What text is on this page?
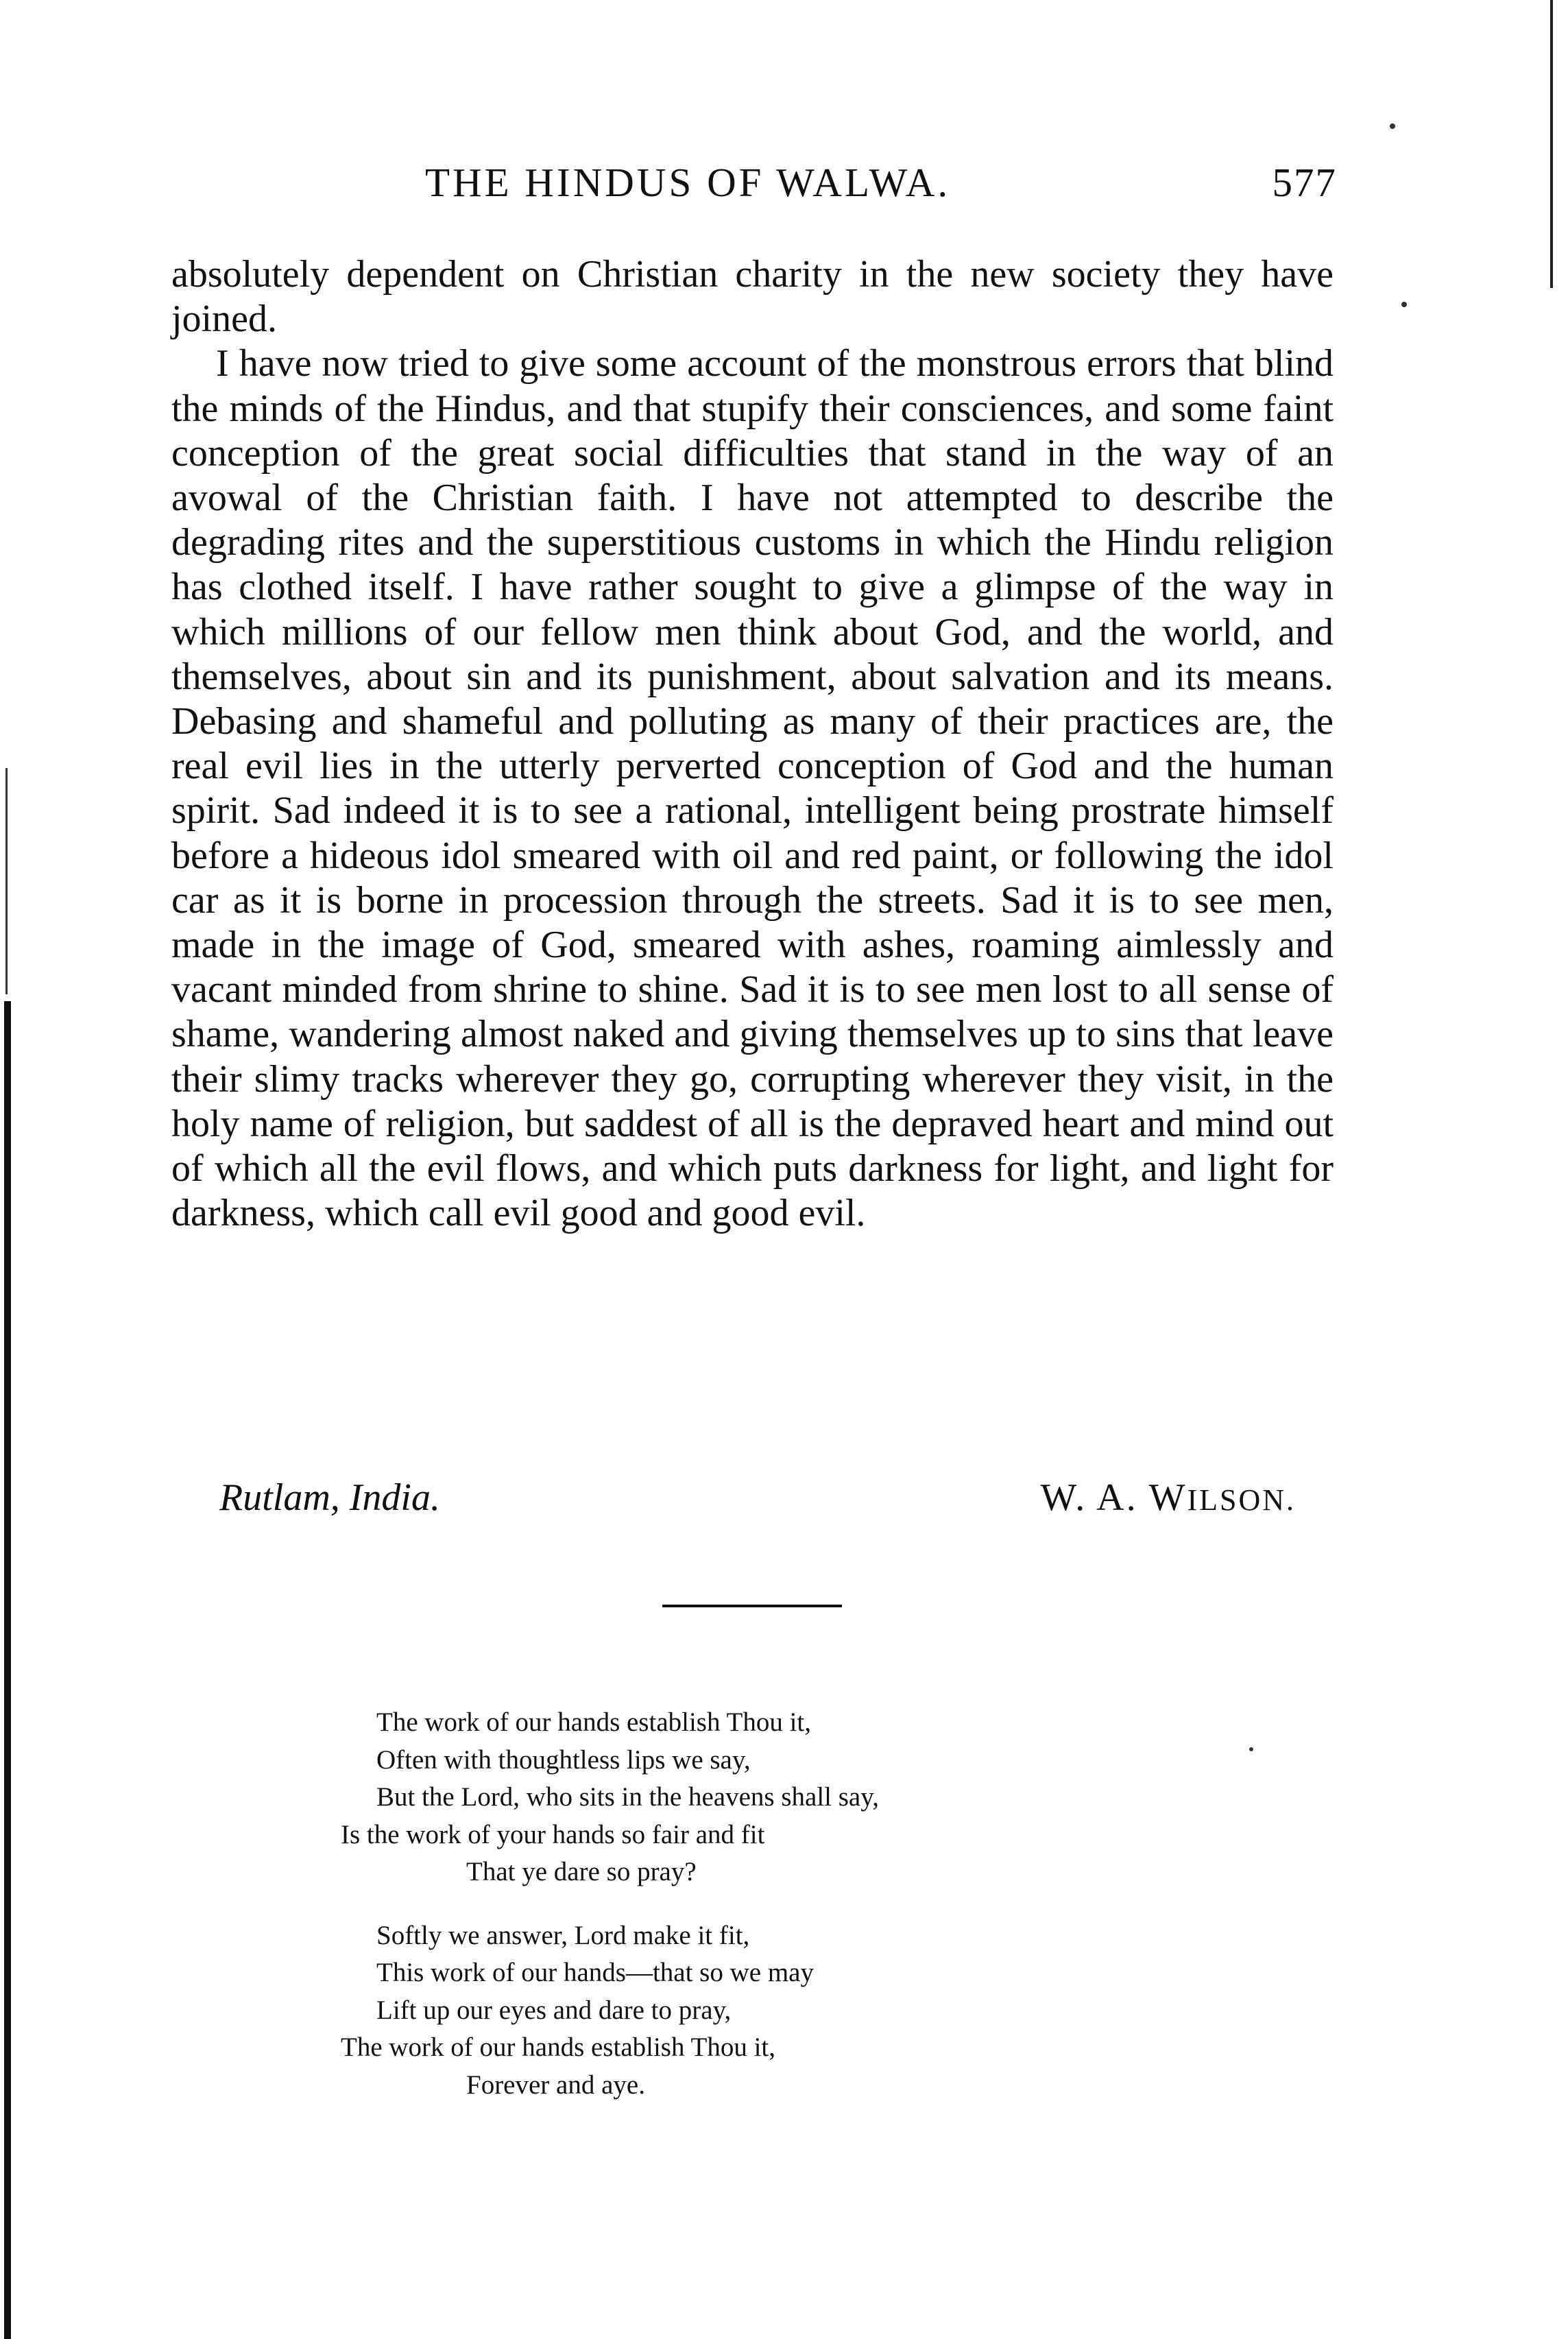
THE HINDUS OF WALWA.	577

absolutely dependent on Christian charity in the new society they have joined.

I have now tried to give some account of the monstrous errors that blind the minds of the Hindus, and that stupify their consciences, and some faint conception of the great social difficulties that stand in the way of an avowal of the Christian faith. I have not attempted to describe the degrading rites and the superstitious customs in which the Hindu religion has clothed itself. I have rather sought to give a glimpse of the way in which millions of our fellow men think about God, and the world, and themselves, about sin and its punishment, about salvation and its means. Debasing and shameful and polluting as many of their practices are, the real evil lies in the utterly perverted conception of God and the human spirit. Sad indeed it is to see a rational, intelligent being prostrate himself before a hideous idol smeared with oil and red paint, or following the idol car as it is borne in procession through the streets. Sad it is to see men, made in the image of God, smeared with ashes, roaming aimlessly and vacant minded from shrine to shine. Sad it is to see men lost to all sense of shame, wandering almost naked and giving themselves up to sins that leave their slimy tracks wherever they go, corrupting wherever they visit, in the holy name of religion, but saddest of all is the depraved heart and mind out of which all the evil flows, and which puts darkness for light, and light for darkness, which call evil good and good evil.

Rutlam, India.	W. A. WILSON.
The work of our hands establish Thou it,
Often with thoughtless lips we say,
But the Lord, who sits in the heavens shall say,
Is the work of your hands so fair and fit
That ye dare so pray?
Softly we answer, Lord make it fit,
This work of our hands—that so we may
Lift up our eyes and dare to pray,
The work of our hands establish Thou it,
Forever and aye.
